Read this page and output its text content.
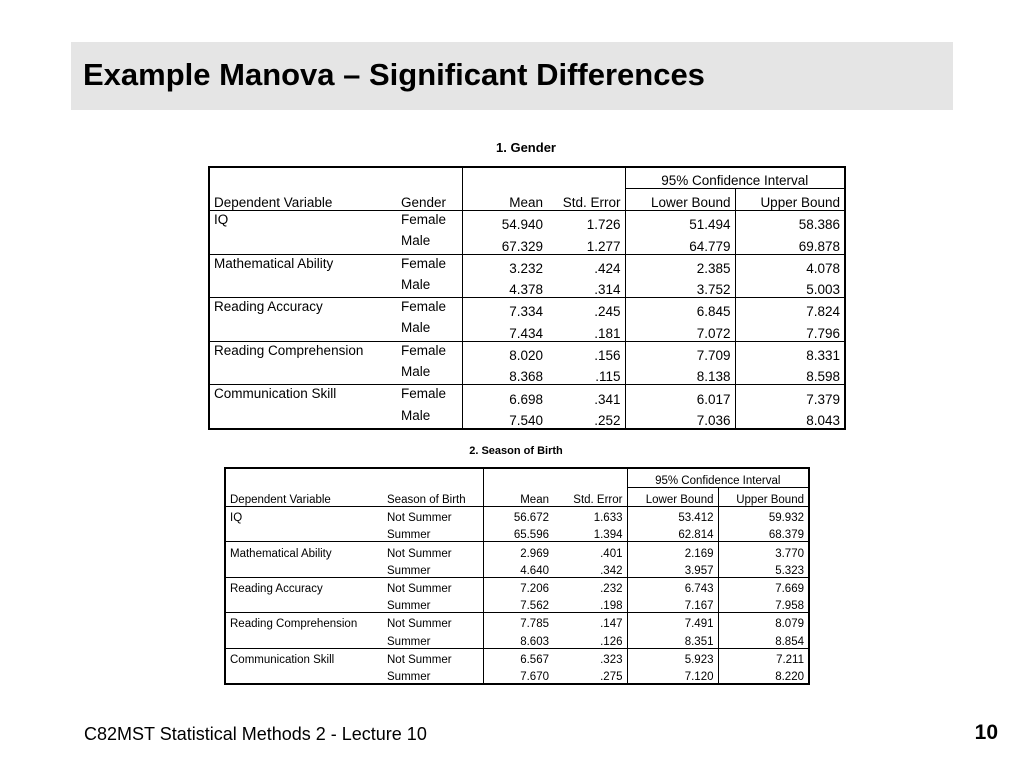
Example Manova – Significant Differences
1. Gender
				95% Confidence Interval	
Dependent Variable	Gender	Mean	Std. Error	Lower Bound	Upper Bound
IQ	Female	54.940	1.726	51.494	58.386
	Male	67.329	1.277	64.779	69.878
Mathematical Ability	Female	3.232	.424	2.385	4.078
	Male	4.378	.314	3.752	5.003
Reading Accuracy	Female	7.334	.245	6.845	7.824
	Male	7.434	.181	7.072	7.796
Reading Comprehension	Female	8.020	.156	7.709	8.331
	Male	8.368	.115	8.138	8.598
Communication Skill	Female	6.698	.341	6.017	7.379
	Male	7.540	.252	7.036	8.043
2. Season of Birth
				95% Confidence Interval	
Dependent Variable	Season of Birth	Mean	Std. Error	Lower Bound	Upper Bound
IQ	Not Summer	56.672	1.633	53.412	59.932
	Summer	65.596	1.394	62.814	68.379
Mathematical Ability	Not Summer	2.969	.401	2.169	3.770
	Summer	4.640	.342	3.957	5.323
Reading Accuracy	Not Summer	7.206	.232	6.743	7.669
	Summer	7.562	.198	7.167	7.958
Reading Comprehension	Not Summer	7.785	.147	7.491	8.079
	Summer	8.603	.126	8.351	8.854
Communication Skill	Not Summer	6.567	.323	5.923	7.211
	Summer	7.670	.275	7.120	8.220
C82MST Statistical Methods 2 - Lecture 10	10
